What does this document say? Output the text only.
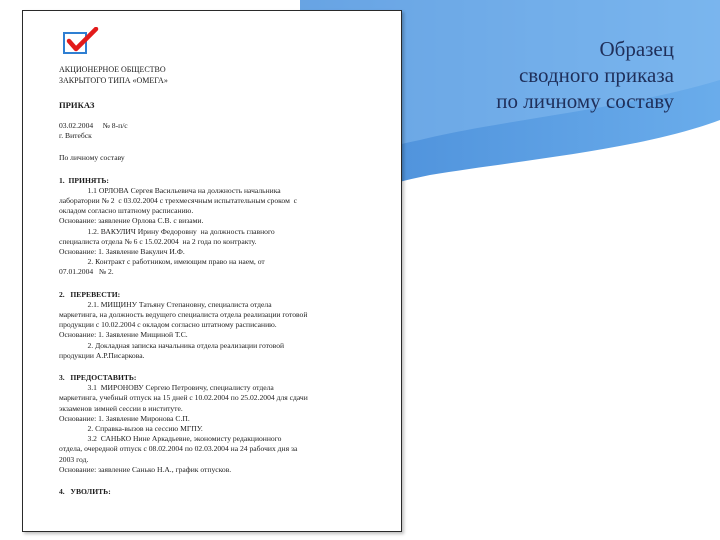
АКЦИОНЕРНОЕ ОБЩЕСТВО
ЗАКРЫТОГО ТИПА «ОМЕГА»
ПРИКАЗ

03.02.2004     № 8-п/с

г. Витебск

По личному составу

1.  ПРИНЯТЬ:

1.1 ОРЛОВА Сергея Васильевича на должность начальника

лаборатории № 2  с 03.02.2004 с трехмесячным испытательным сроком  с

окладом согласно штатному расписанию.

Основание: заявление Орлова С.В. с визами.

1.2. ВАКУЛИЧ Ирину Федоровну  на должность главного

специалиста отдела № 6 с 15.02.2004  на 2 года по контракту.

Основание: 1. Заявление Вакулич И.Ф.

2. Контракт с работником, имеющим право на наем, от

07.01.2004   № 2.

2.   ПЕРЕВЕСТИ:

2.1. МИЩИНУ Татьяну Степановну, специалиста отдела

маркетинга, на должность ведущего специалиста отдела реализации готовой

продукции с 10.02.2004 с окладом согласно штатному расписанию.

Основание: 1. Заявление Мищиной Т.С.

2. Докладная записка начальника отдела реализации готовой

продукции А.Р.Писаркова.

3.   ПРЕДОСТАВИТЬ:

3.1  МИРОНОВУ Сергею Петровичу, специалисту отдела

маркетинга, учебный отпуск на 15 дней с 10.02.2004 по 25.02.2004 для сдачи

экзаменов зимней сессии в институте.

Основание: 1. Заявление Миронова С.П.

2. Справка-вызов на сессию МГПУ.

3.2  САНЬКО Нине Аркадьевне, экономисту редакционного

отдела, очередной отпуск с 08.02.2004 по 02.03.2004 на 24 рабочих дня за

2003 год.

Основание: заявление Санько Н.А., график отпусков.

4.   УВОЛИТЬ:

Образец
сводного приказа
по личному составу
